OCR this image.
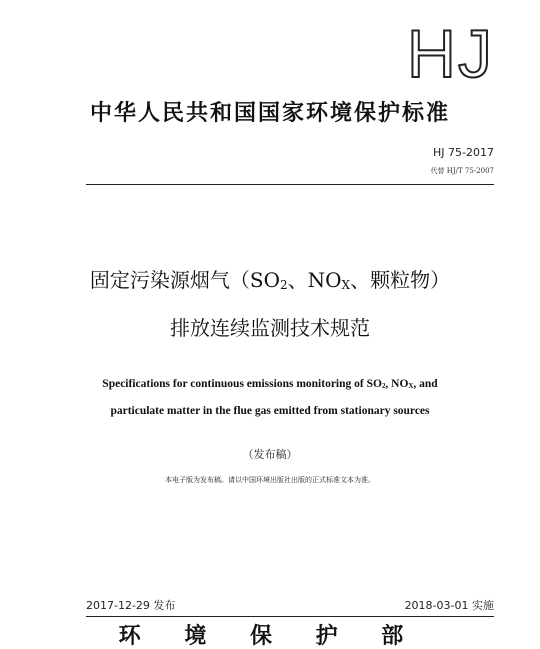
HJ
中华人民共和国国家环境保护标准
HJ 75-2017
代替 HJ/T 75-2007
固定污染源烟气（$SO_2$、$NO_X$、颗粒物）
排放连续监测技术规范
Specifications for continuous emissions monitoring of $SO_2$, $NO_X$, and
particulate matter in the flue gas emitted from stationary sources
（发布稿）
本电子版为发布稿。请以中国环境出版社出版的正式标准文本为准。
2017-12-29 发布	2018-03-01 实施
环 境 保 护 部
